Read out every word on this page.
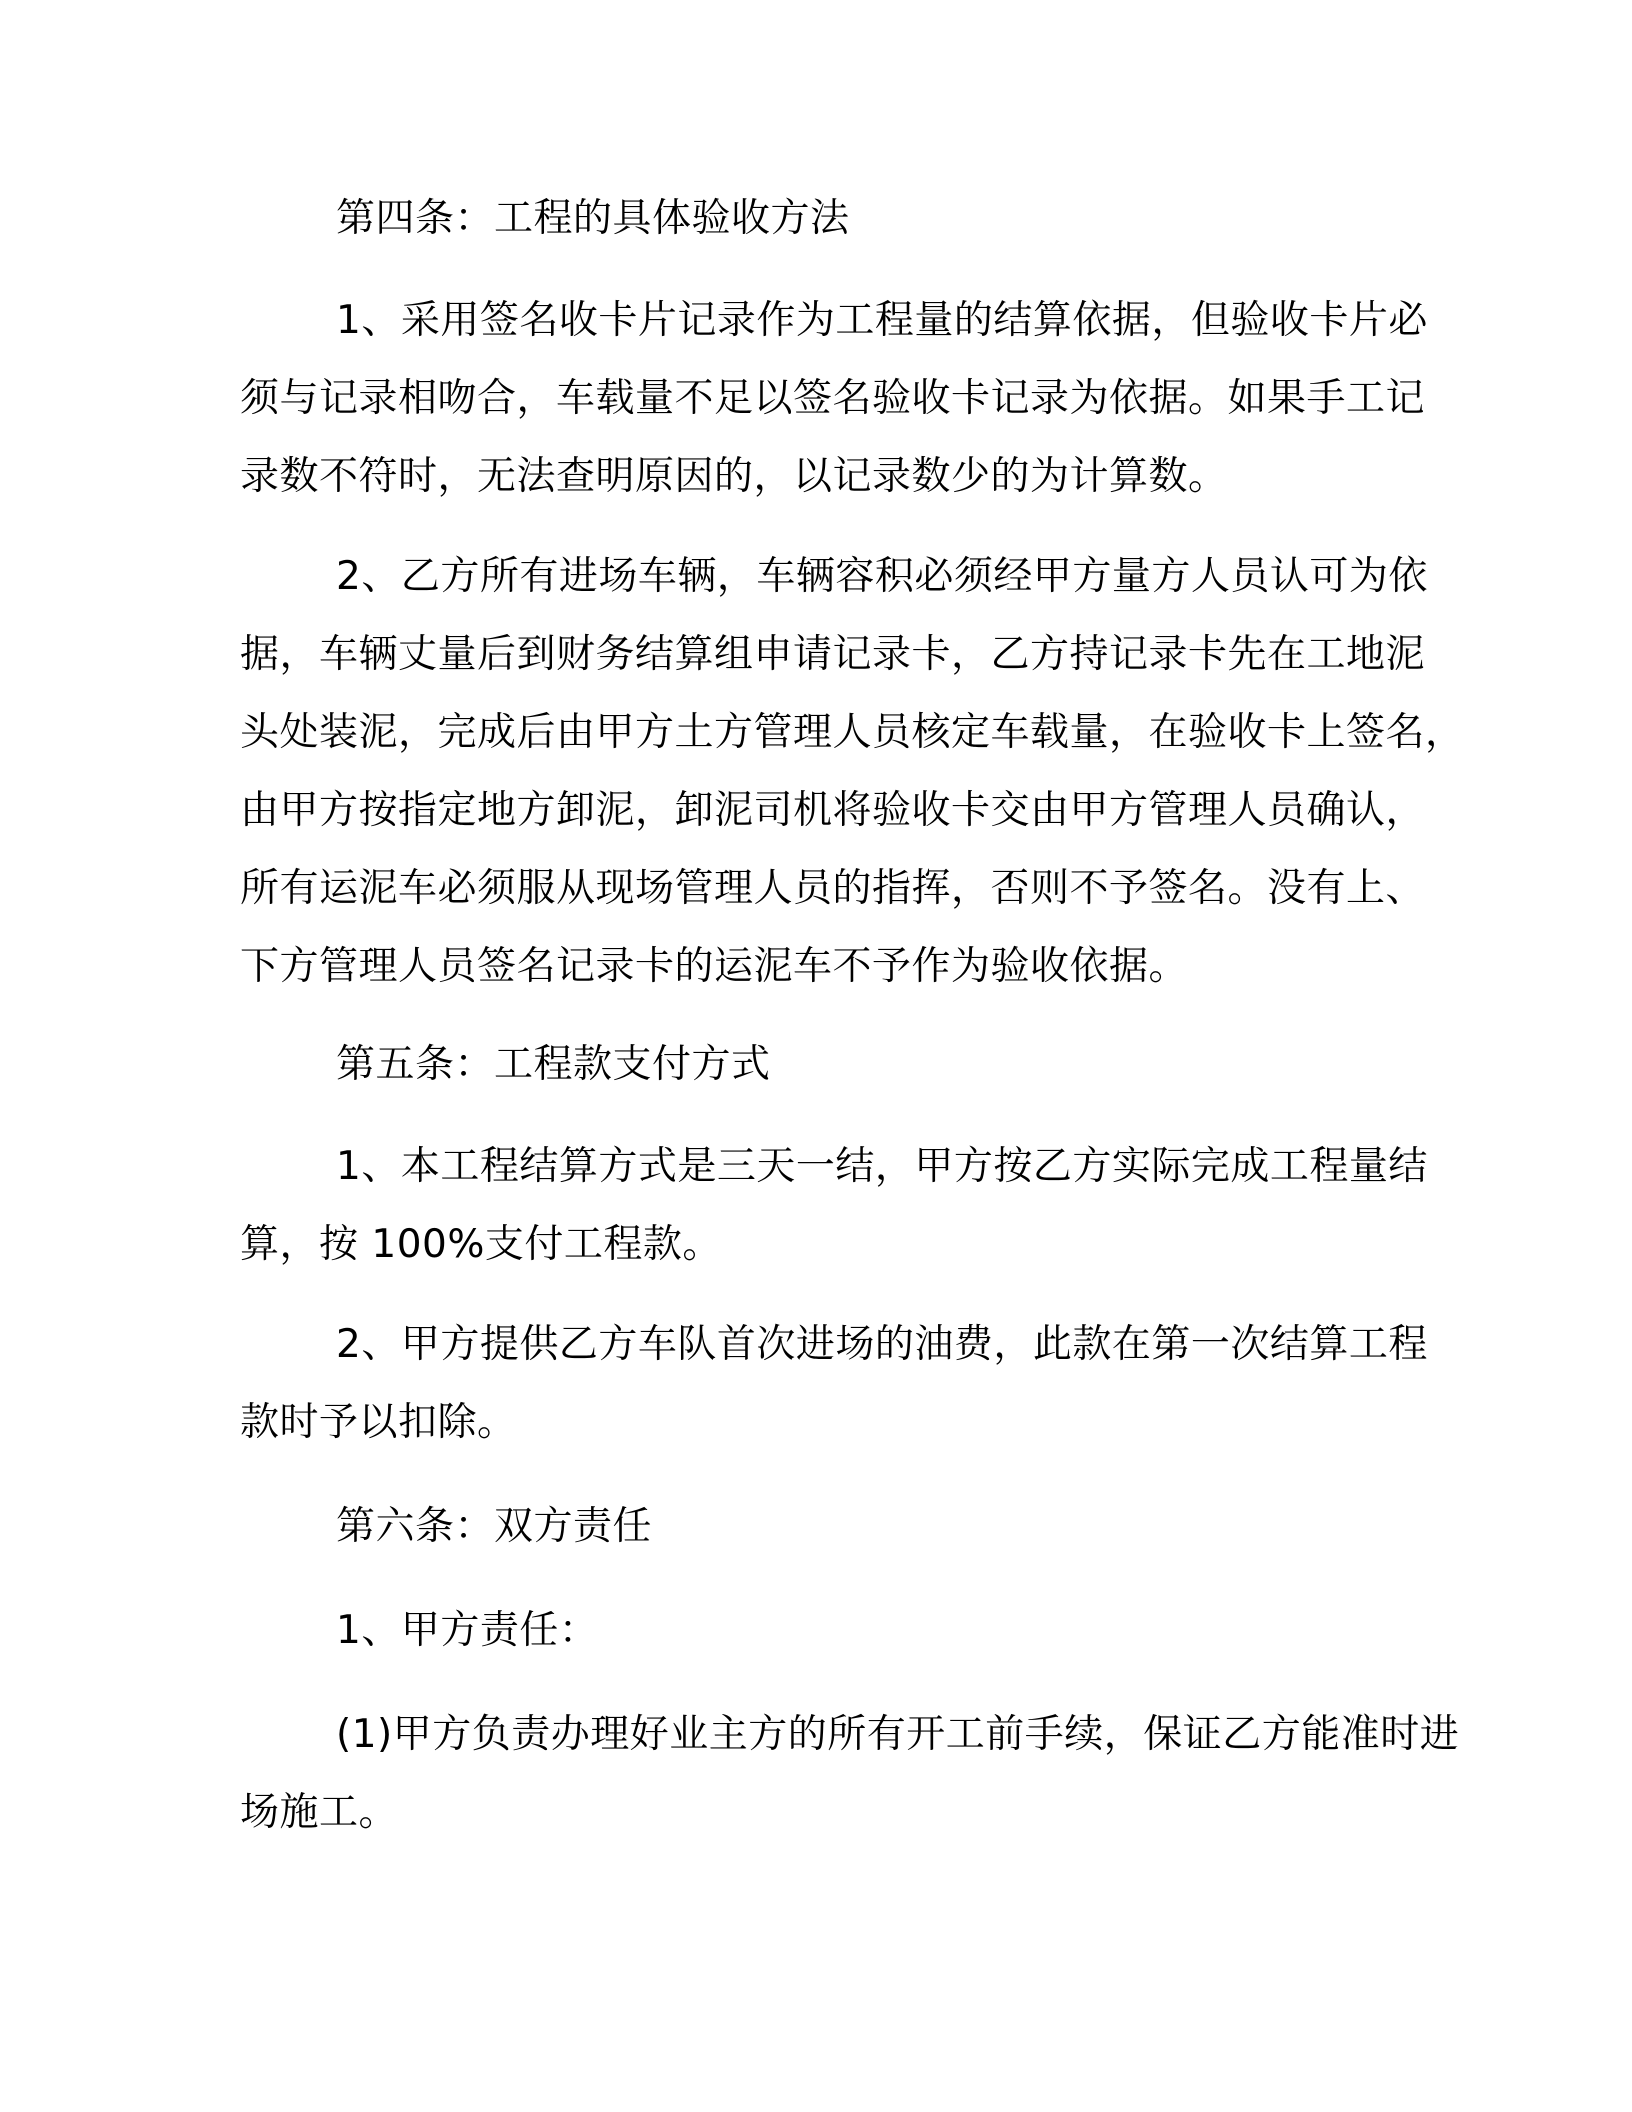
第四条：工程的具体验收方法

1、采用签名收卡片记录作为工程量的结算依据，但验收卡片必
须与记录相吻合，车载量不足以签名验收卡记录为依据。如果手工记
录数不符时，无法查明原因的，以记录数少的为计算数。

2、乙方所有进场车辆，车辆容积必须经甲方量方人员认可为依
据，车辆丈量后到财务结算组申请记录卡，乙方持记录卡先在工地泥
头处装泥，完成后由甲方土方管理人员核定车载量，在验收卡上签名，
由甲方按指定地方卸泥，卸泥司机将验收卡交由甲方管理人员确认，
所有运泥车必须服从现场管理人员的指挥，否则不予签名。没有上、
下方管理人员签名记录卡的运泥车不予作为验收依据。

第五条：工程款支付方式

1、本工程结算方式是三天一结，甲方按乙方实际完成工程量结
算，按 100%支付工程款。

2、甲方提供乙方车队首次进场的油费，此款在第一次结算工程
款时予以扣除。

第六条：双方责任

1、甲方责任：

(1)甲方负责办理好业主方的所有开工前手续，保证乙方能准时进
场施工。
